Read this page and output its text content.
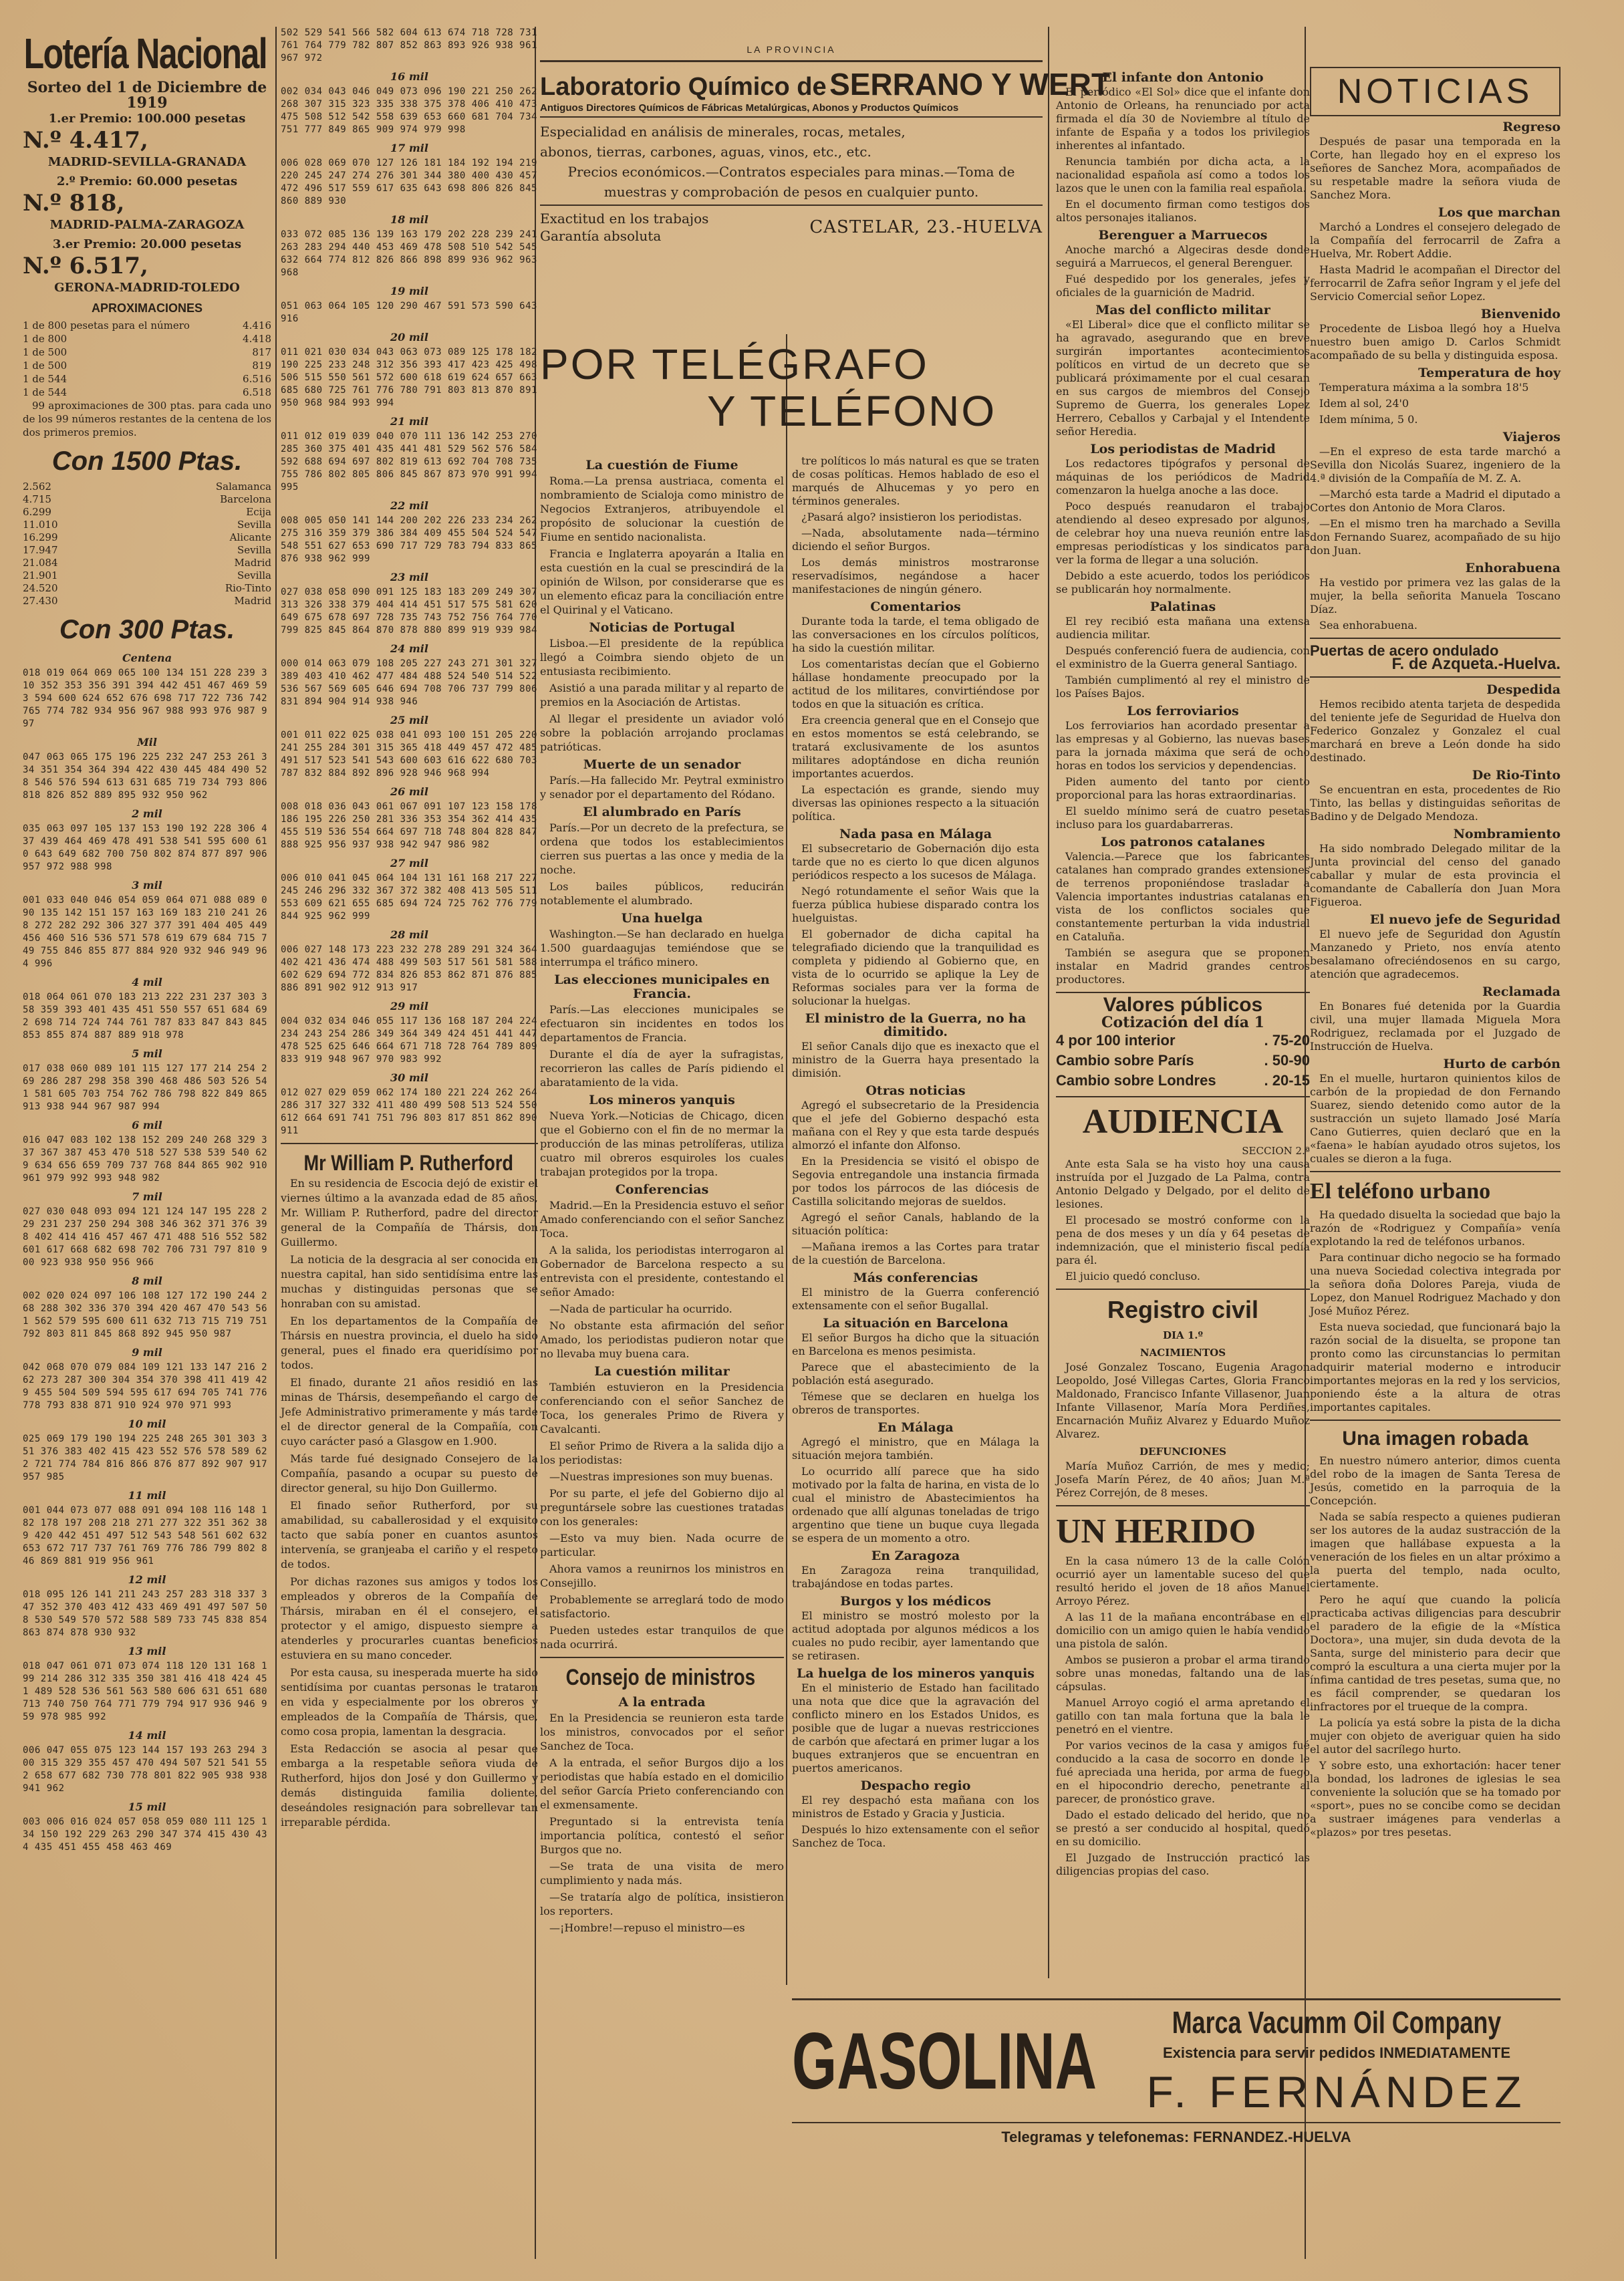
Lotería Nacional
Sorteo del 1 de Diciembre de 1919
1.er Premio: 100.000 pesetas
N.º 4.417,
MADRID-SEVILLA-GRANADA
2.º Premio: 60.000 pesetas
N.º 818,
MADRID-PALMA-ZARAGOZA
3.er Premio: 20.000 pesetas
N.º 6.517,
GERONA-MADRID-TOLEDO
APROXIMACIONES
1 de 800 pesetas para el número	4.416
1 de 800	4.418
1 de 500	817
1 de 500	819
1 de 544	6.516
1 de 544	6.518
99 aproximaciones de 300 ptas. para cada uno de los 99 números restantes de la centena de los dos primeros premios.
Con 1500 Ptas.
2.562	Salamanca
4.715	Barcelona
6.299	Ecija
11.010	Sevilla
16.299	Alicante
17.947	Sevilla
21.084	Madrid
21.901	Sevilla
24.520	Rio-Tinto
27.430	Madrid
Con 300 Ptas.
Centena
018 019 064 069 065 100 134 151 228 239 310 352 353 356 391 394 442 451 467 469 593 594 600 624 652 676 698 717 722 736 742 765 774 782 934 956 967 988 993 976 987 997
Mil
047 063 065 175 196 225 232 247 253 261 334 351 354 364 394 422 430 445 484 490 528 546 576 594 613 631 685 719 734 793 806 818 826 852 889 895 932 950 962
2 mil
035 063 097 105 137 153 190 192 228 306 437 439 464 469 478 491 538 541 595 600 610 643 649 682 700 750 802 874 877 897 906 957 972 988 998
3 mil
001 033 040 046 054 059 064 071 088 089 090 135 142 151 157 163 169 183 210 241 268 272 282 292 306 327 377 391 404 405 449 456 460 516 536 571 578 619 679 684 715 749 755 846 855 877 884 920 932 946 949 964 996
4 mil
018 064 061 070 183 213 222 231 237 303 358 359 393 401 435 451 550 557 651 684 692 698 714 724 744 761 787 833 847 843 845 853 855 874 887 889 918 978
5 mil
017 038 060 089 101 115 127 177 214 254 269 286 287 298 358 390 468 486 503 526 541 581 605 703 754 762 786 798 822 849 865 913 938 944 967 987 994
6 mil
016 047 083 102 138 152 209 240 268 329 337 367 387 453 470 518 527 538 539 540 629 634 656 659 709 737 768 844 865 902 910 961 979 992 993 948 982
7 mil
027 030 048 093 094 121 124 147 195 228 229 231 237 250 294 308 346 362 371 376 398 402 414 416 457 467 471 488 516 552 582 601 617 668 682 698 702 706 731 797 810 900 923 938 950 956 966
8 mil
002 020 024 097 106 108 127 172 190 244 268 288 302 336 370 394 420 467 470 543 561 562 579 595 600 611 632 713 715 719 751 792 803 811 845 868 892 945 950 987
9 mil
042 068 070 079 084 109 121 133 147 216 262 273 287 300 304 354 370 398 411 419 429 455 504 509 594 595 617 694 705 741 776 778 793 838 871 910 924 970 971 993
10 mil
025 069 179 190 194 225 248 265 301 303 351 376 383 402 415 423 552 576 578 589 622 721 774 784 816 866 876 877 892 907 917 957 985
11 mil
001 044 073 077 088 091 094 108 116 148 182 178 197 208 218 271 277 322 351 362 389 420 442 451 497 512 543 548 561 602 632 653 672 717 737 761 769 776 786 799 802 846 869 881 919 956 961
12 mil
018 095 126 141 211 243 257 283 318 337 347 352 370 403 412 433 469 491 497 507 508 530 549 570 572 588 589 733 745 838 854 863 874 878 930 932
13 mil
018 047 061 071 073 074 118 120 131 168 199 214 286 312 335 350 381 416 418 424 451 489 528 536 561 563 580 606 631 651 680 713 740 750 764 771 779 794 917 936 946 959 978 985 992
14 mil
006 047 055 075 123 144 157 193 263 294 300 315 329 355 457 470 494 507 521 541 552 658 677 682 730 778 801 822 905 938 938 941 962
15 mil
003 006 016 024 057 058 059 080 111 125 134 150 192 229 263 290 347 374 415 430 434 435 451 455 458 463 469
502 529 541 566 582 604 613 674 718 728 731 761 764 779 782 807 852 863 893 926 938 961 967 972
16 mil
002 034 043 046 049 073 096 190 221 250 262 268 307 315 323 335 338 375 378 406 410 473 475 508 512 542 558 639 653 660 681 704 734 751 777 849 865 909 974 979 998
17 mil
006 028 069 070 127 126 181 184 192 194 219 220 245 247 274 276 301 344 380 400 430 457 472 496 517 559 617 635 643 698 806 826 845 860 889 930
18 mil
033 072 085 136 139 163 179 202 228 239 241 263 283 294 440 453 469 478 508 510 542 545 632 664 774 812 826 866 898 899 936 962 963 968
19 mil
051 063 064 105 120 290 467 591 573 590 643 916
20 mil
011 021 030 034 043 063 073 089 125 178 182 190 225 233 248 312 356 393 417 423 425 498 506 515 550 561 572 600 618 619 624 657 663 685 680 725 761 776 780 791 803 813 870 891 950 968 984 993 994
21 mil
011 012 019 039 040 070 111 136 142 253 270 285 360 375 401 435 441 481 529 562 576 584 592 688 694 697 802 819 613 692 704 708 735 755 786 802 805 806 845 867 873 970 991 994 995
22 mil
008 005 050 141 144 200 202 226 233 234 262 275 316 359 379 386 384 409 455 504 524 547 548 551 627 653 690 717 729 783 794 833 865 876 938 962 999
23 mil
027 038 058 090 091 125 183 183 209 249 307 313 326 338 379 404 414 451 517 575 581 620 649 675 678 697 728 735 743 752 756 764 770 799 825 845 864 870 878 880 899 919 939 984
24 mil
000 014 063 079 108 205 227 243 271 301 327 389 403 410 462 477 484 488 524 540 514 522 536 567 569 605 646 694 708 706 737 799 806 831 894 904 914 938 946
25 mil
001 011 022 025 038 041 093 100 151 205 220 241 255 284 301 315 365 418 449 457 472 485 491 517 523 541 543 600 603 616 622 680 703 787 832 884 892 896 928 946 968 994
26 mil
008 018 036 043 061 067 091 107 123 158 178 186 195 226 250 281 336 353 354 362 414 435 455 519 536 554 664 697 718 748 804 828 847 888 925 956 937 938 942 947 986 982
27 mil
006 010 041 045 064 104 131 161 168 217 227 245 246 296 332 367 372 382 408 413 505 511 553 609 621 655 685 694 724 725 762 776 779 844 925 962 999
28 mil
006 027 148 173 223 232 278 289 291 324 364 402 421 436 474 488 499 503 517 561 581 588 602 629 694 772 834 826 853 862 871 876 885 886 891 902 912 913 917
29 mil
004 032 034 046 055 117 136 168 187 204 224 234 243 254 286 349 364 349 424 451 441 447 478 525 625 646 664 671 718 728 764 789 809 833 919 948 967 970 983 992
30 mil
012 027 029 059 062 174 180 221 224 262 264 286 317 327 332 411 480 499 508 513 524 550 612 664 691 741 751 796 803 817 851 862 890 911
Mr William P. Rutherford
En su residencia de Escocia dejó de existir el viernes último a la avanzada edad de 85 años, Mr. William P. Rutherford, padre del director general de la Compañía de Thársis, don Guillermo.
La noticia de la desgracia al ser conocida en nuestra capital, han sido sentidísima entre las muchas y distinguidas personas que se honraban con su amistad.
En los departamentos de la Compañía de Thársis en nuestra provincia, el duelo ha sido general, pues el finado era queridísimo por todos.
El finado, durante 21 años residió en las minas de Thársis, desempeñando el cargo de Jefe Administrativo primeramente y más tarde el de director general de la Compañía, con cuyo carácter pasó a Glasgow en 1.900.
Más tarde fué designado Consejero de la Compañía, pasando a ocupar su puesto de director general, su hijo Don Guillermo.
El finado señor Rutherford, por su amabilidad, su caballerosidad y el exquisito tacto que sabía poner en cuantos asuntos intervenía, se granjeaba el cariño y el respeto de todos.
Por dichas razones sus amigos y todos los empleados y obreros de la Compañía de Thársis, miraban en él el consejero, el protector y el amigo, dispuesto siempre a atenderles y procurarles cuantas beneficios estuviera en su mano conceder.
Por esta causa, su inesperada muerte ha sido sentidísima por cuantas personas le trataron en vida y especialmente por los obreros y empleados de la Compañía de Thársis, que, como cosa propia, lamentan la desgracia.
Esta Redacción se asocia al pesar que embarga a la respetable señora viuda de Rutherford, hijos don José y don Guillermo y demás distinguida familia doliente, deseándoles resignación para sobrellevar tan irreparable pérdida.
LA PROVINCIA
Laboratorio Químico de SERRANO Y WERT
Antiguos Directores Químicos de Fábricas Metalúrgicas, Abonos y Productos Químicos
Especialidad en análisis de minerales, rocas, metales,
abonos, tierras, carbones, aguas, vinos, etc., etc.
Precios económicos.—Contratos especiales para minas.—Toma de muestras y comprobación de pesos en cualquier punto.
Exactitud en los trabajos
Garantía absoluta	CASTELAR, 23.-HUELVA
POR TELÉGRAFO
Y TELÉFONO
La cuestión de Fiume
Roma.—La prensa austriaca, comenta el nombramiento de Scialoja como ministro de Negocios Extranjeros, atribuyendole el propósito de solucionar la cuestión de Fiume en sentido nacionalista.
Francia e Inglaterra apoyarán a Italia en esta cuestión en la cual se prescindirá de la opinión de Wilson, por considerarse que es un elemento eficaz para la conciliación entre el Quirinal y el Vaticano.
Noticias de Portugal
Lisboa.—El presidente de la república llegó a Coimbra siendo objeto de un entusiasta recibimiento.
Asistió a una parada militar y al reparto de premios en la Asociación de Artistas.
Al llegar el presidente un aviador voló sobre la población arrojando proclamas patrióticas.
Muerte de un senador
París.—Ha fallecido Mr. Peytral exministro y senador por el departamento del Ródano.
El alumbrado en París
París.—Por un decreto de la prefectura, se ordena que todos los establecimientos cierren sus puertas a las once y media de la noche.
Los bailes públicos, reducirán notablemente el alumbrado.
Una huelga
Washington.—Se han declarado en huelga 1.500 guardaagujas temiéndose que se interrumpa el tráfico minero.
Las elecciones municipales en Francia.
París.—Las elecciones municipales se efectuaron sin incidentes en todos los departamentos de Francia.
Durante el día de ayer la sufragistas, recorrieron las calles de París pidiendo el abaratamiento de la vida.
Los mineros yanquis
Nueva York.—Noticias de Chicago, dicen que el Gobierno con el fin de no mermar la producción de las minas petrolíferas, utiliza cuatro mil obreros esquiroles los cuales trabajan protegidos por la tropa.
Conferencias
Madrid.—En la Presidencia estuvo el señor Amado conferenciando con el señor Sanchez Toca.
A la salida, los periodistas interrogaron al Gobernador de Barcelona respecto a su entrevista con el presidente, contestando el señor Amado:
—Nada de particular ha ocurrido.
No obstante esta afirmación del señor Amado, los periodistas pudieron notar que no llevaba muy buena cara.
La cuestión militar
También estuvieron en la Presidencia conferenciando con el señor Sanchez de Toca, los generales Primo de Rivera y Cavalcanti.
El señor Primo de Rivera a la salida dijo a los periodistas:
—Nuestras impresiones son muy buenas.
Por su parte, el jefe del Gobierno dijo al preguntársele sobre las cuestiones tratadas con los generales:
—Esto va muy bien. Nada ocurre de particular.
Ahora vamos a reunirnos los ministros en Consejillo.
Probablemente se arreglará todo de modo satisfactorio.
Pueden ustedes estar tranquilos de que nada ocurrirá.
Consejo de ministros
A la entrada
En la Presidencia se reunieron esta tarde los ministros, convocados por el señor Sanchez de Toca.
A la entrada, el señor Burgos dijo a los periodistas que había estado en el domicilio del señor García Prieto conferenciando con el exmensamente.
Preguntado si la entrevista tenía importancia política, contestó el señor Burgos que no.
—Se trata de una visita de mero cumplimiento y nada más.
—Se trataría algo de política, insistieron los reporters.
—¡Hombre!—repuso el ministro—es
tre políticos lo más natural es que se traten de cosas políticas. Hemos hablado de eso el marqués de Alhucemas y yo pero en términos generales.
¿Pasará algo? insistieron los periodistas.
—Nada, absolutamente nada—término diciendo el señor Burgos.
Los demás ministros mostraronse reservadísimos, negándose a hacer manifestaciones de ningún género.
Comentarios
Durante toda la tarde, el tema obligado de las conversaciones en los círculos políticos, ha sido la cuestión militar.
Los comentaristas decían que el Gobierno hállase hondamente preocupado por la actitud de los militares, convirtiéndose por todos en que la situación es crítica.
Era creencia general que en el Consejo que en estos momentos se está celebrando, se tratará exclusivamente de los asuntos militares adoptándose en dicha reunión importantes acuerdos.
La espectación es grande, siendo muy diversas las opiniones respecto a la situación política.
Nada pasa en Málaga
El subsecretario de Gobernación dijo esta tarde que no es cierto lo que dicen algunos periódicos respecto a los sucesos de Málaga.
Negó rotundamente el señor Wais que la fuerza pública hubiese disparado contra los huelguistas.
El gobernador de dicha capital ha telegrafiado diciendo que la tranquilidad es completa y pidiendo al Gobierno que, en vista de lo ocurrido se aplique la Ley de Reformas sociales para ver la forma de solucionar la huelgas.
El ministro de la Guerra, no ha dimitido.
El señor Canals dijo que es inexacto que el ministro de la Guerra haya presentado la dimisión.
Otras noticias
Agregó el subsecretario de la Presidencia que el jefe del Gobierno despachó esta mañana con el Rey y que esta tarde después almorzó el infante don Alfonso.
En la Presidencia se visitó el obispo de Segovia entregandole una instancia firmada por todos los párrocos de las diócesis de Castilla solicitando mejoras de sueldos.
Agregó el señor Canals, hablando de la situación política:
—Mañana iremos a las Cortes para tratar de la cuestión de Barcelona.
Más conferencias
El ministro de la Guerra conferenció extensamente con el señor Bugallal.
La situación en Barcelona
El señor Burgos ha dicho que la situación en Barcelona es menos pesimista.
Parece que el abastecimiento de la población está asegurado.
Témese que se declaren en huelga los obreros de transportes.
En Málaga
Agregó el ministro, que en Málaga la situación mejora también.
Lo ocurrido allí parece que ha sido motivado por la falta de harina, en vista de lo cual el ministro de Abastecimientos ha ordenado que allí algunas toneladas de trigo argentino que tiene un buque cuya llegada se espera de un momento a otro.
En Zaragoza
En Zaragoza reina tranquilidad, trabajándose en todas partes.
Burgos y los médicos
El ministro se mostró molesto por la actitud adoptada por algunos médicos a los cuales no pudo recibir, ayer lamentando que se retirasen.
La huelga de los mineros yanquis
En el ministerio de Estado han facilitado una nota que dice que la agravación del conflicto minero en los Estados Unidos, es posible que de lugar a nuevas restricciones de carbón que afectará en primer lugar a los buques extranjeros que se encuentran en puertos americanos.
Despacho regio
El rey despachó esta mañana con los ministros de Estado y Gracia y Justicia.
Después lo hizo extensamente con el señor Sanchez de Toca.
El infante don Antonio
El periódico «El Sol» dice que el infante don Antonio de Orleans, ha renunciado por acta firmada el día 30 de Noviembre al título de infante de España y a todos los privilegios inherentes al infantado.
Renuncia también por dicha acta, a la nacionalidad española así como a todos los lazos que le unen con la familia real española.
En el documento firman como testigos dos altos personajes italianos.
Berenguer a Marruecos
Anoche marchó a Algeciras desde donde seguirá a Marruecos, el general Berenguer.
Fué despedido por los generales, jefes y oficiales de la guarnición de Madrid.
Mas del conflicto militar
«El Liberal» dice que el conflicto militar se ha agravado, asegurando que en breve surgirán importantes acontecimientos políticos en virtud de un decreto que se publicará próximamente por el cual cesaran en sus cargos de miembros del Consejo Supremo de Guerra, los generales Lopez Herrero, Ceballos y Carbajal y el Intendente señor Heredia.
Los periodistas de Madrid
Los redactores tipógrafos y personal de máquinas de los periódicos de Madrid comenzaron la huelga anoche a las doce.
Poco después reanudaron el trabajo atendiendo al deseo expresado por algunos, de celebrar hoy una nueva reunión entre las empresas periodísticas y los sindicatos para ver la forma de llegar a una solución.
Debido a este acuerdo, todos los periódicos se publicarán hoy normalmente.
Palatinas
El rey recibió esta mañana una extensa audiencia militar.
Después conferenció fuera de audiencia, con el exministro de la Guerra general Santiago.
También cumplimentó al rey el ministro de los Países Bajos.
Los ferroviarios
Los ferroviarios han acordado presentar a las empresas y al Gobierno, las nuevas bases para la jornada máxima que será de ocho horas en todos los servicios y dependencias.
Piden aumento del tanto por ciento proporcional para las horas extraordinarias.
El sueldo mínimo será de cuatro pesetas incluso para los guardabarreras.
Los patronos catalanes
Valencia.—Parece que los fabricantes catalanes han comprado grandes extensiones de terrenos proponiéndose trasladar a Valencia importantes industrias catalanas en vista de los conflictos sociales que constantemente perturban la vida industrial en Cataluña.
También se asegura que se proponen instalar en Madrid grandes centros productores.
Valores públicos
Cotización del día 1
4 por 100 interior	. 75-20
Cambio sobre París	. 50-90
Cambio sobre Londres	. 20-15
AUDIENCIA
SECCION 2.ª
Ante esta Sala se ha visto hoy una causa instruída por el Juzgado de La Palma, contra Antonio Delgado y Delgado, por el delito de lesiones.
El procesado se mostró conforme con la pena de dos meses y un día y 64 pesetas de indemnización, que el ministerio fiscal pedía para él.
El juicio quedó concluso.
Registro civil
DIA 1.º
NACIMIENTOS
José Gonzalez Toscano, Eugenia Aragon Leopoldo, José Villegas Cartes, Gloria Franco Maldonado, Francisco Infante Villasenor, Juan Infante Villasenor, María Mora Perdiñes, Encarnación Muñiz Alvarez y Eduardo Muñoz Alvarez.
DEFUNCIONES
María Muñoz Carrión, de mes y medio; Josefa Marín Pérez, de 40 años; Juan M.ª Pérez Correjón, de 8 meses.
UN HERIDO
En la casa número 13 de la calle Colón ocurrió ayer un lamentable suceso del que resultó herido el joven de 18 años Manuel Arroyo Pérez.
A las 11 de la mañana encontrábase en el domicilio con un amigo quien le había vendido una pistola de salón.
Ambos se pusieron a probar el arma tirando sobre unas monedas, faltando una de las cápsulas.
Manuel Arroyo cogió el arma apretando el gatillo con tan mala fortuna que la bala le penetró en el vientre.
Por varios vecinos de la casa y amigos fué conducido a la casa de socorro en donde le fué apreciada una herida, por arma de fuego en el hipocondrio derecho, penetrante al parecer, de pronóstico grave.
Dado el estado delicado del herido, que no se prestó a ser conducido al hospital, quedó en su domicilio.
El Juzgado de Instrucción practicó las diligencias propias del caso.
NOTICIAS
Regreso
Después de pasar una temporada en la Corte, han llegado hoy en el expreso los señores de Sanchez Mora, acompañados de su respetable madre la señora viuda de Sanchez Mora.
Los que marchan
Marchó a Londres el consejero delegado de la Compañía del ferrocarril de Zafra a Huelva, Mr. Robert Addie.
Hasta Madrid le acompañan el Director del ferrocarril de Zafra señor Ingram y el jefe del Servicio Comercial señor Lopez.
Bienvenido
Procedente de Lisboa llegó hoy a Huelva nuestro buen amigo D. Carlos Schmidt acompañado de su bella y distinguida esposa.
Temperatura de hoy
Temperatura máxima a la sombra 18'5
Idem al sol, 24'0
Idem mínima, 5 0.
Viajeros
—En el expreso de esta tarde marchó a Sevilla don Nicolás Suarez, ingeniero de la 4.ª división de la Compañía de M. Z. A.
—Marchó esta tarde a Madrid el diputado a Cortes don Antonio de Mora Claros.
—En el mismo tren ha marchado a Sevilla don Fernando Suarez, acompañado de su hijo don Juan.
Enhorabuena
Ha vestido por primera vez las galas de la mujer, la bella señorita Manuela Toscano Díaz.
Sea enhorabuena.
Puertas de acero ondulado
F. de Azqueta.-Huelva.
Despedida
Hemos recibido atenta tarjeta de despedida del teniente jefe de Seguridad de Huelva don Federico Gonzalez y Gonzalez el cual marchará en breve a León donde ha sido destinado.
De Rio-Tinto
Se encuentran en esta, procedentes de Rio Tinto, las bellas y distinguidas señoritas de Badino y de Delgado Mendoza.
Nombramiento
Ha sido nombrado Delegado militar de la Junta provincial del censo del ganado caballar y mular de esta provincia el comandante de Caballería don Juan Mora Figueroa.
El nuevo jefe de Seguridad
El nuevo jefe de Seguridad don Agustín Manzanedo y Prieto, nos envía atento besalamano ofreciéndosenos en su cargo, atención que agradecemos.
Reclamada
En Bonares fué detenida por la Guardia civil, una mujer llamada Miguela Mora Rodriguez, reclamada por el Juzgado de Instrucción de Huelva.
Hurto de carbón
En el muelle, hurtaron quinientos kilos de carbón de la propiedad de don Fernando Suarez, siendo detenido como autor de la sustracción un sujeto llamado José María Cano Gutierres, quien declaró que en la «faena» le habían ayudado otros sujetos, los cuales se dieron a la fuga.
El teléfono urbano
Ha quedado disuelta la sociedad que bajo la razón de «Rodriguez y Compañía» venía explotando la red de teléfonos urbanos.
Para continuar dicho negocio se ha formado una nueva Sociedad colectiva integrada por la señora doña Dolores Pareja, viuda de Lopez, don Manuel Rodriguez Machado y don José Muñoz Pérez.
Esta nueva sociedad, que funcionará bajo la razón social de la disuelta, se propone tan pronto como las circunstancias lo permitan adquirir material moderno e introducir importantes mejoras en la red y los servicios, poniendo éste a la altura de otras importantes capitales.
Una imagen robada
En nuestro número anterior, dimos cuenta del robo de la imagen de Santa Teresa de Jesús, cometido en la parroquia de la Concepción.
Nada se sabía respecto a quienes pudieran ser los autores de la audaz sustracción de la imagen que hallábase expuesta a la veneración de los fieles en un altar próximo a la puerta del templo, nada oculto, ciertamente.
Pero he aquí que cuando la policía practicaba activas diligencias para descubrir el paradero de la efigie de la «Mística Doctora», una mujer, sin duda devota de la Santa, surge del ministerio para decir que compró la escultura a una cierta mujer por la ínfima cantidad de tres pesetas, suma que, no es fácil comprender, se quedaran los infractores por el trueque de la compra.
La policía ya está sobre la pista de la dicha mujer con objeto de averiguar quien ha sido el autor del sacrílego hurto.
Y sobre esto, una exhortación: hacer tener la bondad, los ladrones de iglesias le sea conveniente la solución que se ha tomado por «sport», pues no se concibe como se decidan a sustraer imágenes para venderlas a «plazos» por tres pesetas.
GASOLINA	Marca Vacumm Oil Company
Existencia para servir pedidos INMEDIATAMENTE
F. FERNÁNDEZ
Telegramas y telefonemas: FERNANDEZ.-HUELVA
